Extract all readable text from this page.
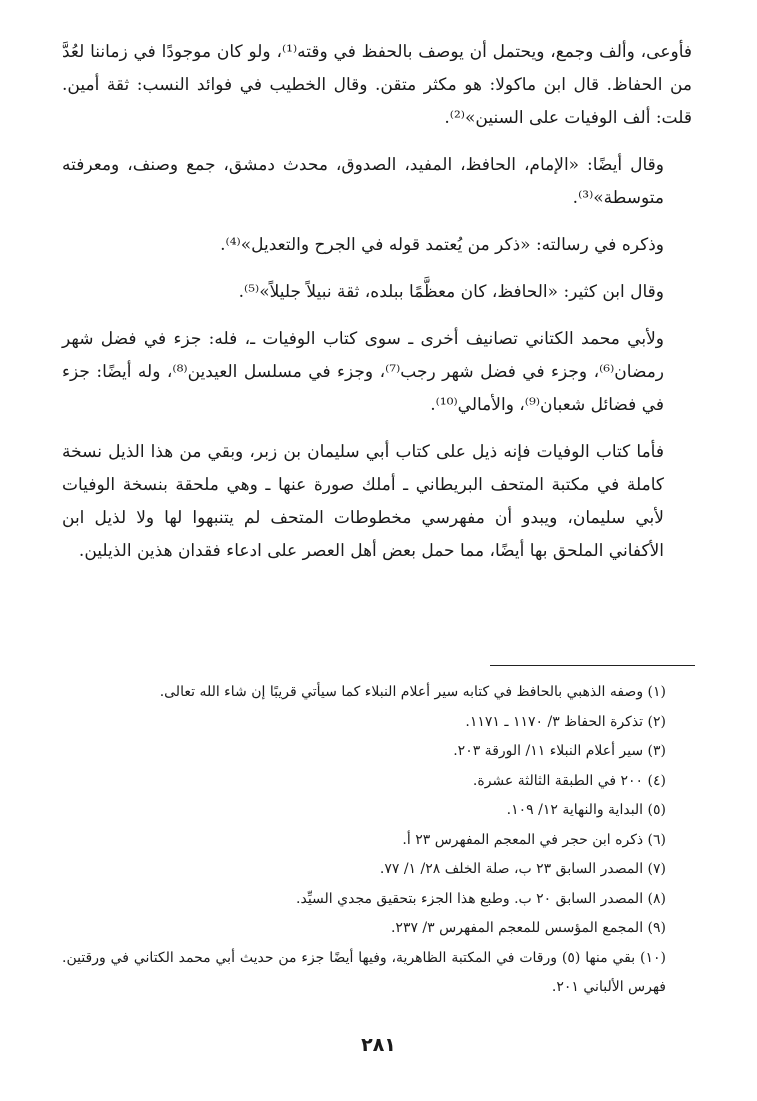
فأوعى، وألف وجمع، ويحتمل أن يوصف بالحفظ في وقته⁽¹⁾، ولو كان موجودًا في زماننا لعُدَّ من الحفاظ. قال ابن ماكولا: هو مكثر متقن. وقال الخطيب في فوائد النسب: ثقة أمين. قلت: ألف الوفيات على السنين»⁽²⁾.

وقال أيضًا: «الإمام، الحافظ، المفيد، الصدوق، محدث دمشق، جمع وصنف، ومعرفته متوسطة»⁽³⁾.

وذكره في رسالته: «ذكر من يُعتمد قوله في الجرح والتعديل»⁽⁴⁾.

وقال ابن كثير: «الحافظ، كان معظَّمًا ببلده، ثقة نبيلاً جليلاً»⁽⁵⁾.

ولأبي محمد الكتاني تصانيف أخرى ـ سوى كتاب الوفيات ـ، فله: جزء في فضل شهر رمضان⁽⁶⁾، وجزء في فضل شهر رجب⁽⁷⁾، وجزء في مسلسل العيدين⁽⁸⁾، وله أيضًا: جزء في فضائل شعبان⁽⁹⁾، والأمالي⁽¹⁰⁾.

فأما كتاب الوفيات فإنه ذيل على كتاب أبي سليمان بن زبر، وبقي من هذا الذيل نسخة كاملة في مكتبة المتحف البريطاني ـ أملك صورة عنها ـ وهي ملحقة بنسخة الوفيات لأبي سليمان، ويبدو أن مفهرسي مخطوطات المتحف لم يتنبهوا لها ولا لذيل ابن الأكفاني الملحق بها أيضًا، مما حمل بعض أهل العصر على ادعاء فقدان هذين الذيلين.

(١) وصفه الذهبي بالحافظ في كتابه سير أعلام النبلاء كما سيأتي قريبًا إن شاء الله تعالى.

(٢) تذكرة الحفاظ ٣/ ١١٧٠ ـ ١١٧١.

(٣) سير أعلام النبلاء ١١/ الورقة ٢٠٣.

(٤) ٢٠٠ في الطبقة الثالثة عشرة.

(٥) البداية والنهاية ١٢/ ١٠٩.

(٦) ذكره ابن حجر في المعجم المفهرس ٢٣ أ.

(٧) المصدر السابق ٢٣ ب، صلة الخلف ٢٨/ ١/ ٧٧.

(٨) المصدر السابق ٢٠ ب. وطبع هذا الجزء بتحقيق مجدي السيِّد.

(٩) المجمع المؤسس للمعجم المفهرس ٣/ ٢٣٧.

(١٠) بقي منها (٥) ورقات في المكتبة الظاهرية، وفيها أيضًا جزء من حديث أبي محمد الكتاني في ورقتين. فهرس الألباني ٢٠١.

٢٨١
